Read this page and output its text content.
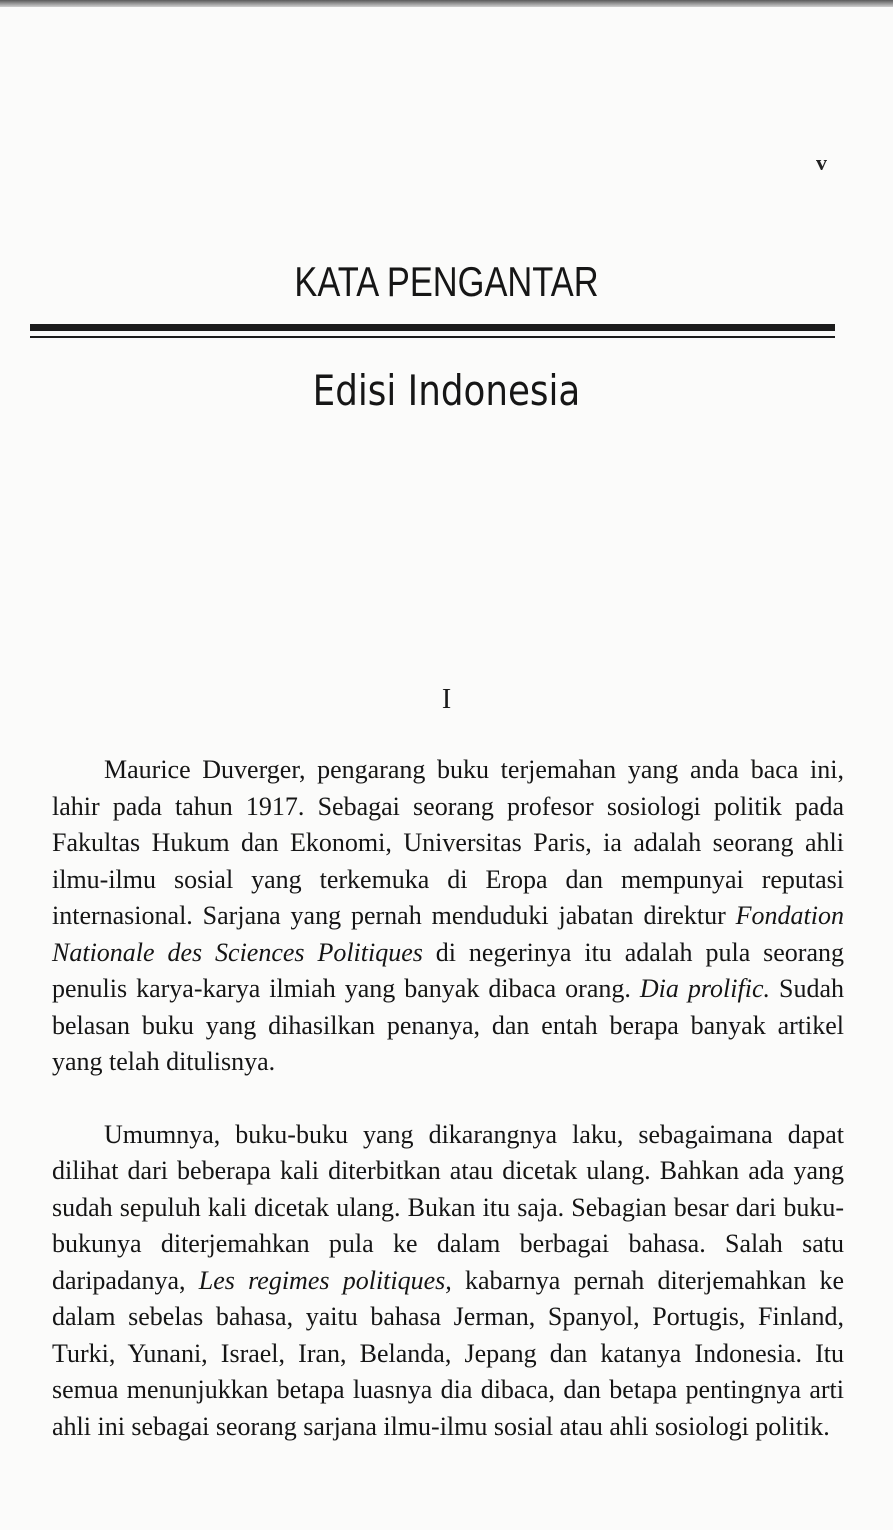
v
KATA PENGANTAR
Edisi Indonesia
I

Maurice Duverger, pengarang buku terjemahan yang anda baca ini, lahir pada tahun 1917. Sebagai seorang profesor sosiologi politik pada Fakultas Hukum dan Ekonomi, Universitas Paris, ia adalah seorang ahli ilmu-ilmu sosial yang terkemuka di Eropa dan mempunyai reputasi internasional. Sarjana yang pernah menduduki jabatan direktur Fondation Nationale des Sciences Politiques di negerinya itu adalah pula seorang penulis karya-karya ilmiah yang banyak dibaca orang. Dia prolific. Sudah belasan buku yang dihasilkan penanya, dan entah berapa banyak artikel yang telah ditulisnya.

Umumnya, buku-buku yang dikarangnya laku, sebagaimana dapat dilihat dari beberapa kali diterbitkan atau dicetak ulang. Bahkan ada yang sudah sepuluh kali dicetak ulang. Bukan itu saja. Sebagian besar dari buku-bukunya diterjemahkan pula ke dalam berbagai bahasa. Salah satu daripadanya, Les regimes politiques, kabarnya pernah diterjemahkan ke dalam sebelas bahasa, yaitu bahasa Jerman, Spanyol, Portugis, Finland, Turki, Yunani, Israel, Iran, Belanda, Jepang dan katanya Indonesia. Itu semua menunjukkan betapa luasnya dia dibaca, dan betapa pentingnya arti ahli ini sebagai seorang sarjana ilmu-ilmu sosial atau ahli sosiologi politik.
